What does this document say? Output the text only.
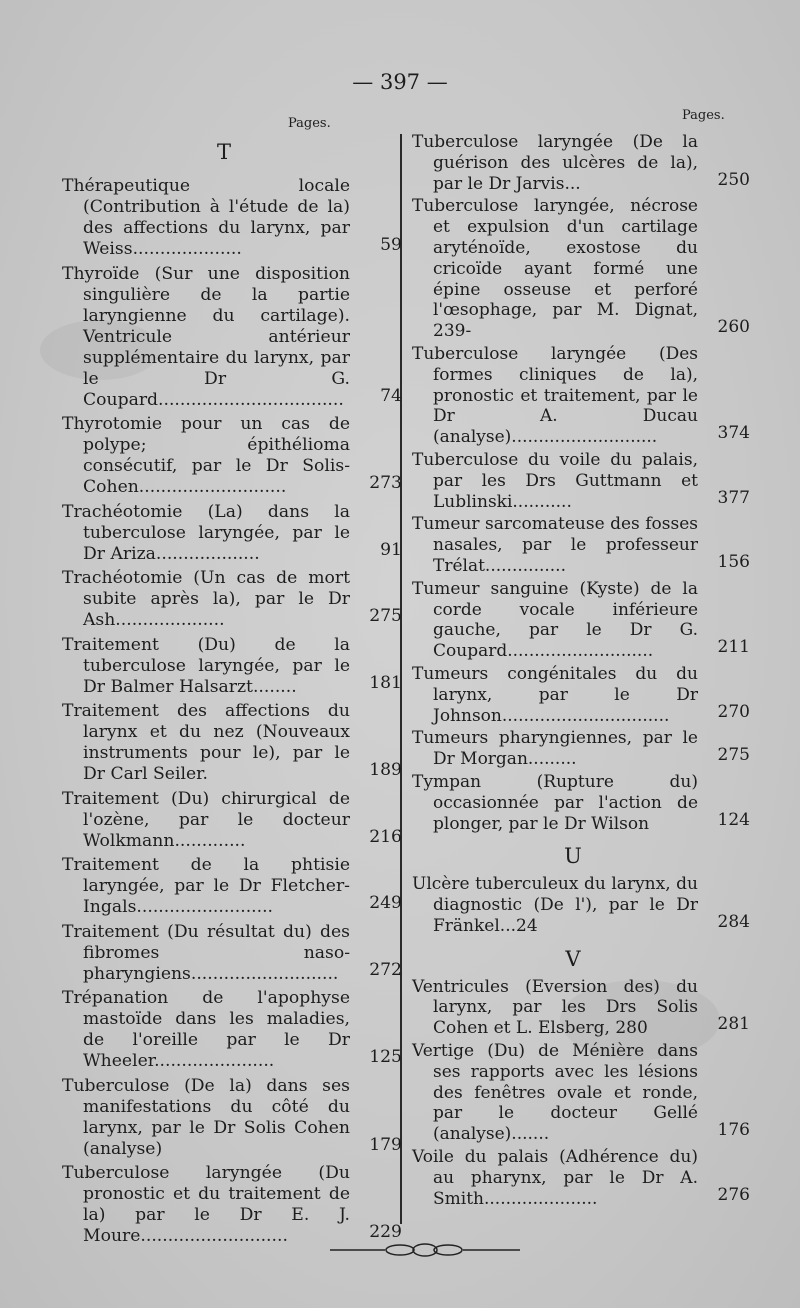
— 397 —
Pages.
Pages.
T
Thérapeutique locale (Contribution à l'étude de la) des affections du larynx, par Weiss....................	59
Thyroïde (Sur une disposition singulière de la partie laryngienne du cartilage). Ventricule antérieur supplémentaire du larynx, par le Dr G. Coupard..................................	74
Thyrotomie pour un cas de polype; épithélioma consécutif, par le Dr Solis-Cohen...........................	273
Trachéotomie (La) dans la tuberculose laryngée, par le Dr Ariza...................	91
Trachéotomie (Un cas de mort subite après la), par le Dr Ash....................	275
Traitement (Du) de la tuberculose laryngée, par le Dr Balmer Halsarzt........	181
Traitement des affections du larynx et du nez (Nouveaux instruments pour le), par le Dr Carl Seiler.	189
Traitement (Du) chirurgical de l'ozène, par le docteur Wolkmann.............	216
Traitement de la phtisie laryngée, par le Dr Fletcher-Ingals.........................	249
Traitement (Du résultat du) des fibromes naso-pharyngiens...........................	272
Trépanation de l'apophyse mastoïde dans les maladies, de l'oreille par le Dr Wheeler......................	125
Tuberculose (De la) dans ses manifestations du côté du larynx, par le Dr Solis Cohen (analyse)	179
Tuberculose laryngée (Du pronostic et du traitement de la) par le Dr E. J. Moure...........................	229
Tuberculose laryngée (De la guérison des ulcères de la), par le Dr Jarvis...	250
Tuberculose laryngée, nécrose et expulsion d'un cartilage aryténoïde, exostose du cricoïde ayant formé une épine osseuse et perforé l'œsophage, par M. Dignat, 239-	260
Tuberculose laryngée (Des formes cliniques de la), pronostic et traitement, par le Dr A. Ducau (analyse)...........................	374
Tuberculose du voile du palais, par les Drs Guttmann et Lublinski...........	377
Tumeur sarcomateuse des fosses nasales, par le professeur Trélat...............	156
Tumeur sanguine (Kyste) de la corde vocale inférieure gauche, par le Dr G. Coupard...........................	211
Tumeurs congénitales du du larynx, par le Dr Johnson...............................	270
Tumeurs pharyngiennes, par le Dr Morgan.........	275
Tympan (Rupture du) occasionnée par l'action de plonger, par le Dr Wilson	124
U
Ulcère tuberculeux du larynx, du diagnostic (De l'), par le Dr Fränkel...24	284
V
Ventricules (Eversion des) du larynx, par les Drs Solis Cohen et L. Elsberg, 280	281
Vertige (Du) de Ménière dans ses rapports avec les lésions des fenêtres ovale et ronde, par le docteur Gellé (analyse).......	176
Voile du palais (Adhérence du) au pharynx, par le Dr A. Smith.....................	276
